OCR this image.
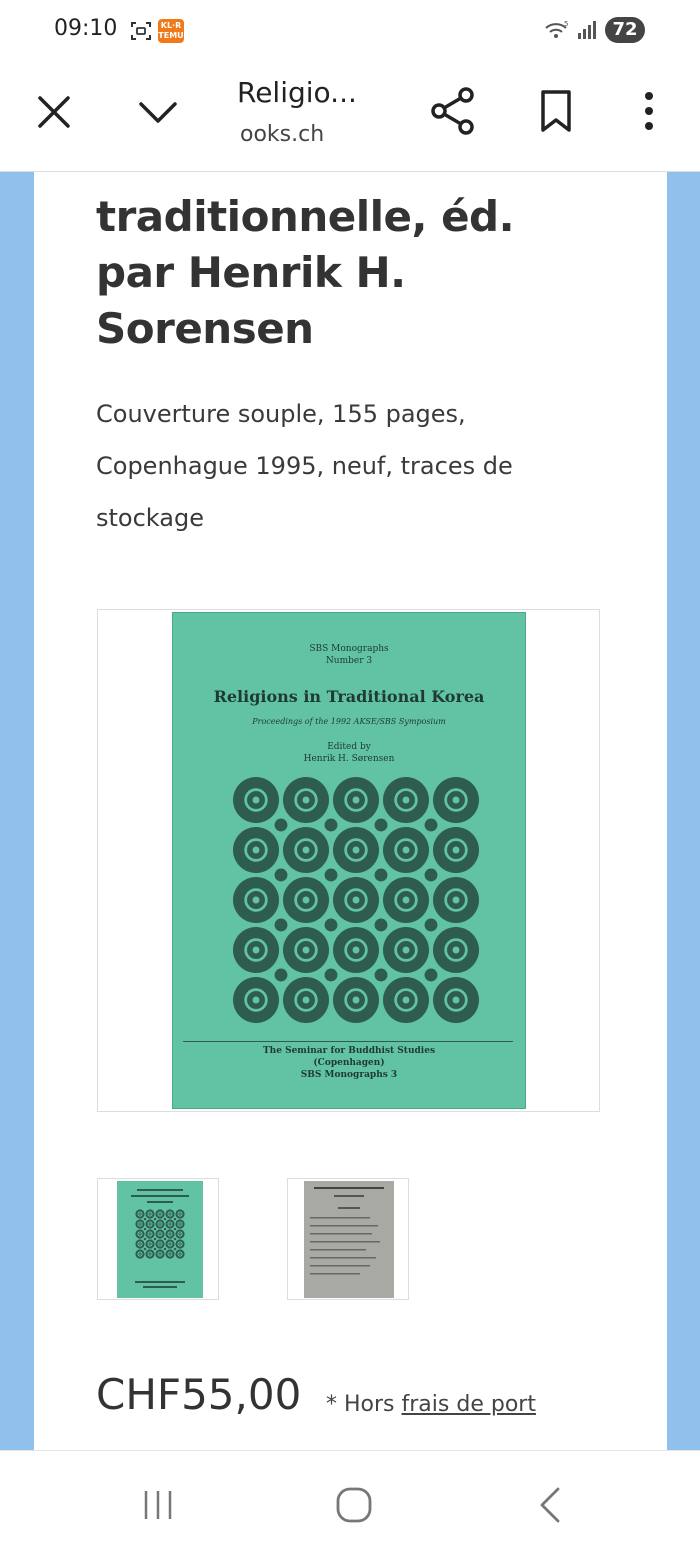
09:10	KL·R TEMU
5	72
Religio...
ooks.ch
traditionnelle, éd.
par Henrik H.
Sorensen
Couverture souple, 155 pages,
Copenhague 1995, neuf, traces de
stockage
SBS Monographs
Number 3
Religions in Traditional Korea
Proceedings of the 1992 AKSE/SBS Symposium
Edited by
Henrik H. Sørensen
The Seminar for Buddhist Studies
(Copenhagen)
SBS Monographs 3
CHF55,00 * Hors frais de port
